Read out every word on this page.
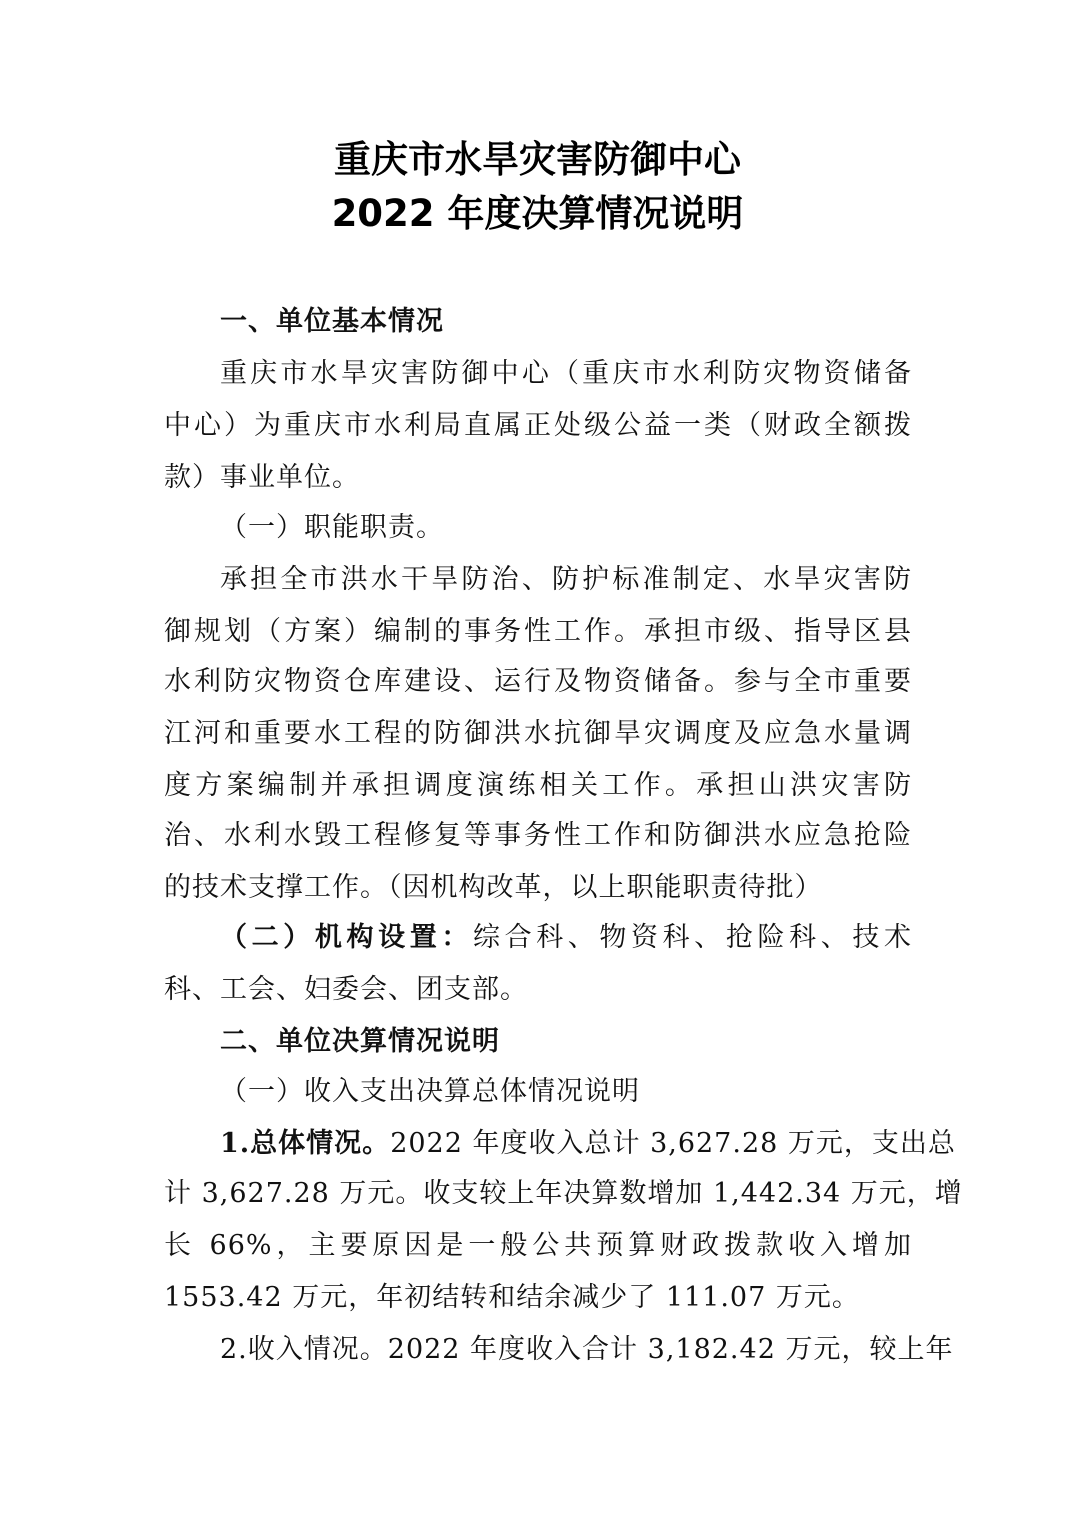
重庆市水旱灾害防御中心
2022 年度决算情况说明
一、单位基本情况
重庆市水旱灾害防御中心（重庆市水利防灾物资储备
中心）为重庆市水利局直属正处级公益一类（财政全额拨
款）事业单位。
（一）职能职责。
承担全市洪水干旱防治、防护标准制定、水旱灾害防
御规划（方案）编制的事务性工作。承担市级、指导区县
水利防灾物资仓库建设、运行及物资储备。参与全市重要
江河和重要水工程的防御洪水抗御旱灾调度及应急水量调
度方案编制并承担调度演练相关工作。承担山洪灾害防
治、水利水毁工程修复等事务性工作和防御洪水应急抢险
的技术支撑工作。（因机构改革，以上职能职责待批）
（二）机构设置：综合科、物资科、抢险科、技术
科、工会、妇委会、团支部。
二、单位决算情况说明
（一）收入支出决算总体情况说明
1.总体情况。2022 年度收入总计 3,627.28 万元，支出总
计 3,627.28 万元。收支较上年决算数增加 1,442.34 万元，增
长 66%，主要原因是一般公共预算财政拨款收入增加
1553.42 万元，年初结转和结余减少了 111.07 万元。
2.收入情况。2022 年度收入合计 3,182.42 万元，较上年
